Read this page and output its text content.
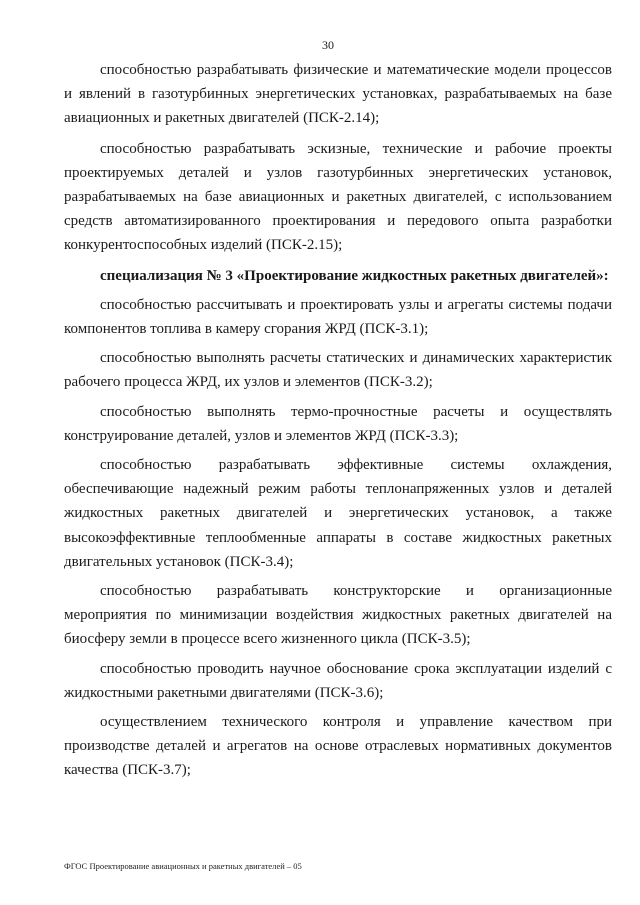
30

способностью разрабатывать физические и математические модели процессов и явлений в газотурбинных энергетических установках, разрабатываемых на базе авиационных и ракетных двигателей (ПСК-2.14);

способностью разрабатывать эскизные, технические и рабочие проекты проектируемых деталей и узлов газотурбинных энергетических установок, разрабатываемых на базе авиационных и ракетных двигателей, с использованием средств автоматизированного проектирования и передового опыта разработки конкурентоспособных изделий (ПСК-2.15);

специализация № 3 «Проектирование жидкостных ракетных двигателей»:

способностью рассчитывать и проектировать узлы и агрегаты системы подачи компонентов топлива в камеру сгорания ЖРД (ПСК-3.1);

способностью выполнять расчеты статических и динамических характеристик рабочего процесса ЖРД, их узлов и элементов (ПСК-3.2);

способностью выполнять термо-прочностные расчеты и осуществлять конструирование деталей, узлов и элементов ЖРД (ПСК-3.3);

способностью разрабатывать эффективные системы охлаждения, обеспечивающие надежный режим работы теплонапряженных узлов и деталей жидкостных ракетных двигателей и энергетических установок, а также высокоэффективные теплообменные аппараты в составе жидкостных ракетных двигательных установок (ПСК-3.4);

способностью разрабатывать конструкторские и организационные мероприятия по минимизации воздействия жидкостных ракетных двигателей на биосферу земли в процессе всего жизненного цикла (ПСК-3.5);

способностью проводить научное обоснование срока эксплуатации изделий с жидкостными ракетными двигателями (ПСК-3.6);

осуществлением технического контроля и управление качеством при производстве деталей и агрегатов на основе отраслевых нормативных документов качества (ПСК-3.7);

ФГОС Проектирование авиационных и ракетных двигателей – 05
